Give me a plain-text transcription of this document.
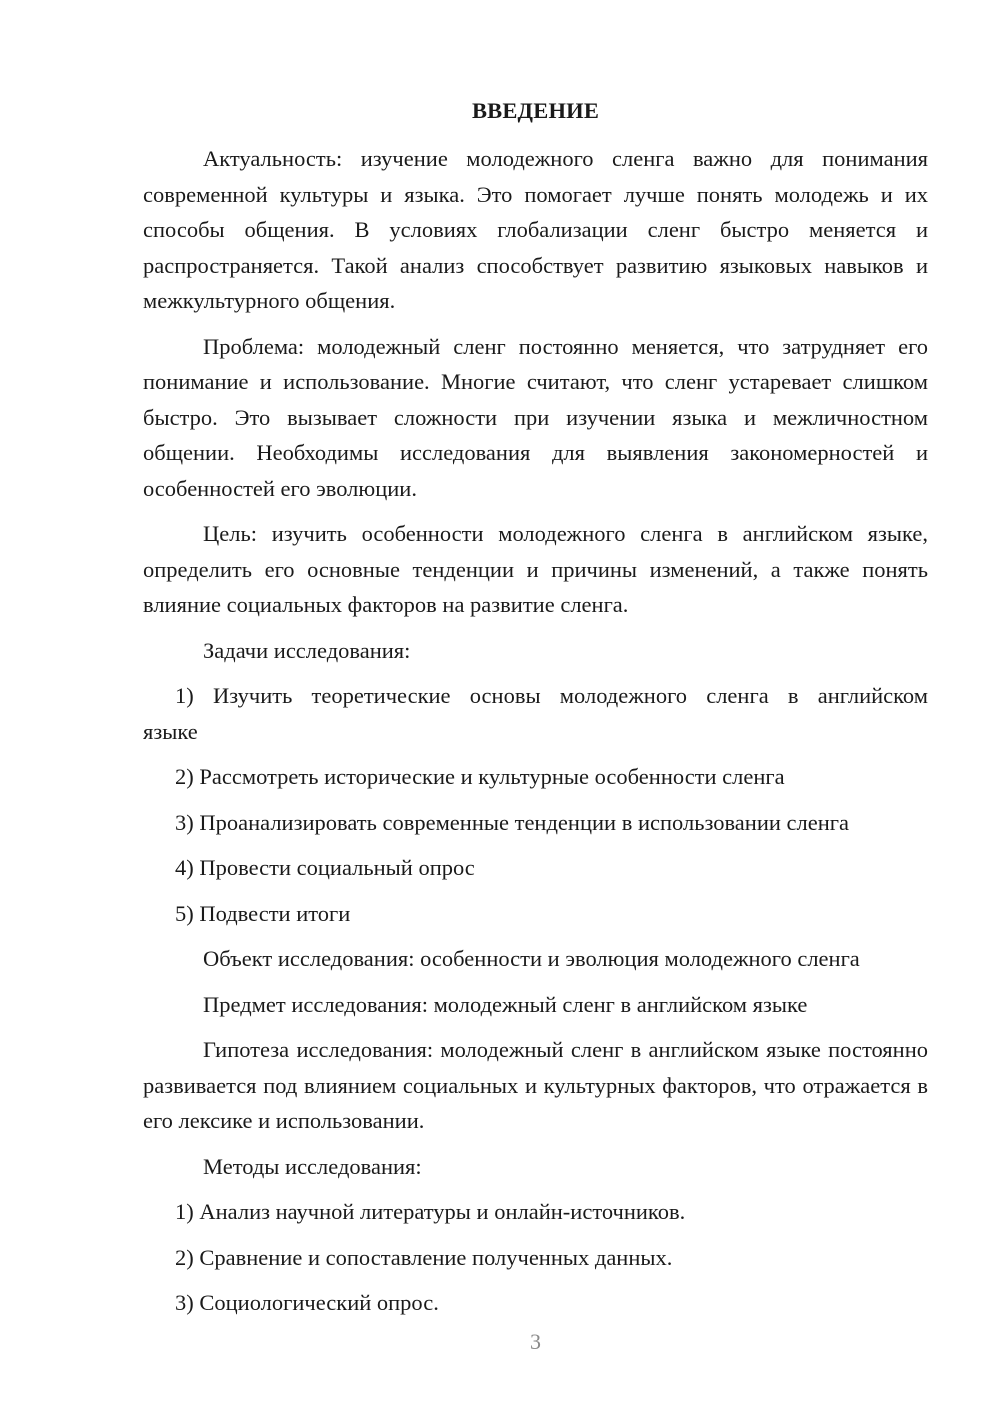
ВВЕДЕНИЕ

Актуальность: изучение молодежного сленга важно для понимания современной культуры и языка. Это помогает лучше понять молодежь и их способы общения. В условиях глобализации сленг быстро меняется и распространяется. Такой анализ способствует развитию языковых навыков и межкультурного общения.

Проблема: молодежный сленг постоянно меняется, что затрудняет его понимание и использование. Многие считают, что сленг устаревает слишком быстро. Это вызывает сложности при изучении языка и межличностном общении. Необходимы исследования для выявления закономерностей и особенностей его эволюции.

Цель: изучить особенности молодежного сленга в английском языке, определить его основные тенденции и причины изменений, а также понять влияние социальных факторов на развитие сленга.

Задачи исследования:

1) Изучить теоретические основы молодежного сленга в английском
языке

2) Рассмотреть исторические и культурные особенности сленга

3) Проанализировать современные тенденции в использовании сленга

4) Провести социальный опрос

5) Подвести итоги

Объект исследования: особенности и эволюция молодежного сленга

Предмет исследования: молодежный сленг в английском языке

Гипотеза исследования: молодежный сленг в английском языке постоянно развивается под влиянием социальных и культурных факторов, что отражается в его лексике и использовании.

Методы исследования:

1) Анализ научной литературы и онлайн-источников.

2) Сравнение и сопоставление полученных данных.

3) Социологический опрос.

3
